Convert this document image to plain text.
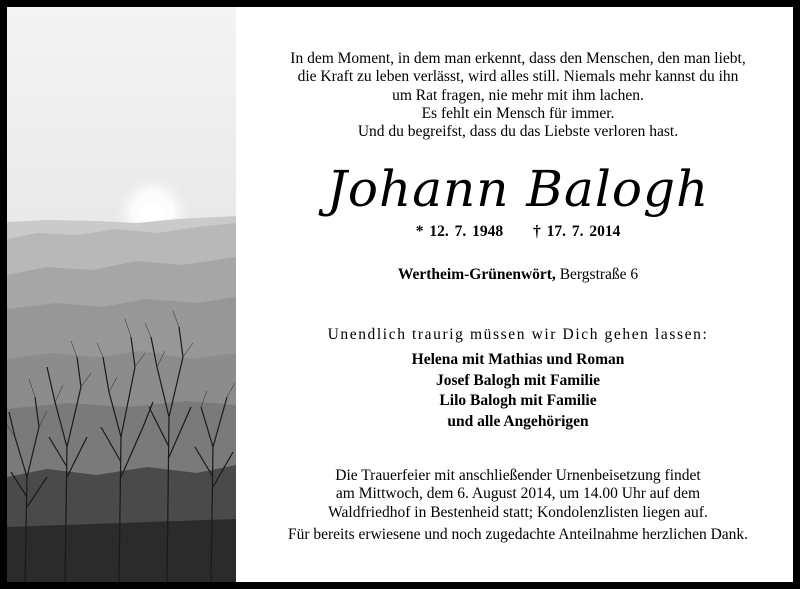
In dem Moment, in dem man erkennt, dass den Menschen, den man liebt,
die Kraft zu leben verlässt, wird alles still. Niemals mehr kannst du ihn
um Rat fragen, nie mehr mit ihm lachen.
Es fehlt ein Mensch für immer.
Und du begreifst, dass du das Liebste verloren hast.
Johann Balogh
* 12. 7. 1948 † 17. 7. 2014
Wertheim-Grünenwört, Bergstraße 6
Unendlich traurig müssen wir Dich gehen lassen:
Helena mit Mathias und Roman
Josef Balogh mit Familie
Lilo Balogh mit Familie
und alle Angehörigen
Die Trauerfeier mit anschließender Urnenbeisetzung findet
am Mittwoch, dem 6. August 2014, um 14.00 Uhr auf dem
Waldfriedhof in Bestenheid statt; Kondolenzlisten liegen auf.
Für bereits erwiesene und noch zugedachte Anteilnahme herzlichen Dank.
